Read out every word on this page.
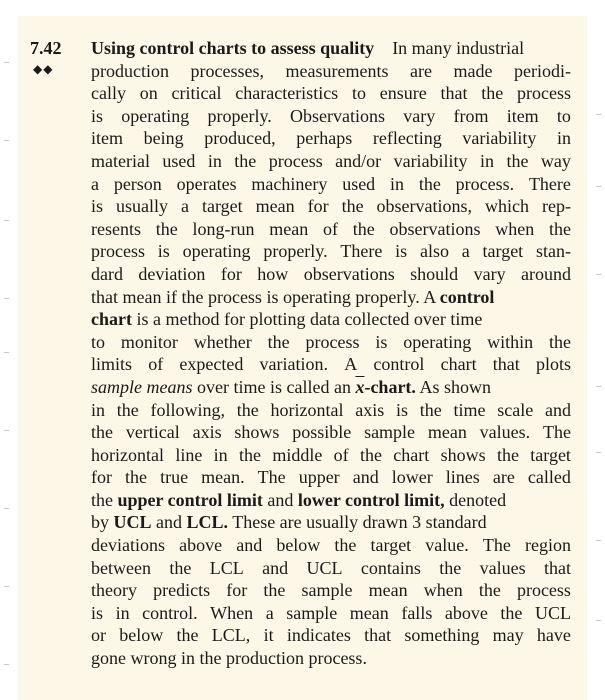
7.42
◆◆
Using control charts to assess quality In many industrial
production processes, measurements are made periodi-
cally on critical characteristics to ensure that the process
is operating properly. Observations vary from item to
item being produced, perhaps reflecting variability in
material used in the process and/or variability in the way
a person operates machinery used in the process. There
is usually a target mean for the observations, which rep-
resents the long-run mean of the observations when the
process is operating properly. There is also a target stan-
dard deviation for how observations should vary around
that mean if the process is operating properly. A control
chart is a method for plotting data collected over time
to monitor whether the process is operating within the
limits of expected variation. A control chart that plots
sample means over time is called an $\overline{x}$-chart. As shown
in the following, the horizontal axis is the time scale and
the vertical axis shows possible sample mean values. The
horizontal line in the middle of the chart shows the target
for the true mean. The upper and lower lines are called
the upper control limit and lower control limit, denoted
by UCL and LCL. These are usually drawn 3 standard
deviations above and below the target value. The region
between the LCL and UCL contains the values that
theory predicts for the sample mean when the process
is in control. When a sample mean falls above the UCL
or below the LCL, it indicates that something may have
gone wrong in the production process.
